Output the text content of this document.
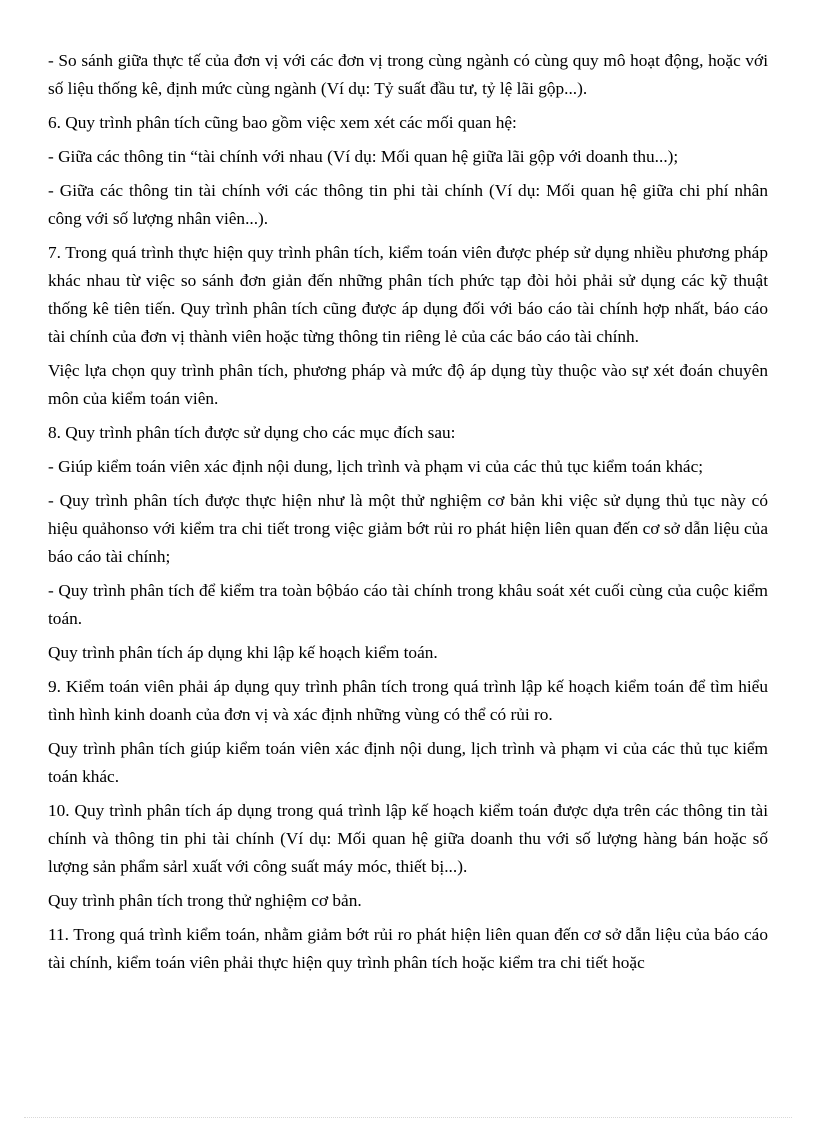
- So sánh giữa thực tế của đơn vị với các đơn vị trong cùng ngành có cùng quy mô hoạt động, hoặc với số liệu thống kê, định mức cùng ngành (Ví dụ: Tỷ suất đầu tư, tỷ lệ lãi gộp...).

6. Quy trình phân tích cũng bao gồm việc xem xét các mối quan hệ:

- Giữa các thông tin “tài chính với nhau (Ví dụ: Mối quan hệ giữa lãi gộp với doanh thu...);

- Giữa các thông tin tài chính với các thông tin phi tài chính (Ví dụ: Mối quan hệ giữa chi phí nhân công với số lượng nhân viên...).

7. Trong quá trình thực hiện quy trình phân tích, kiểm toán viên được phép sử dụng nhiều phương pháp khác nhau từ việc so sánh đơn giản đến những phân tích phức tạp đòi hỏi phải sử dụng các kỹ thuật thống kê tiên tiến. Quy trình phân tích cũng được áp dụng đối với báo cáo tài chính hợp nhất, báo cáo tài chính của đơn vị thành viên hoặc từng thông tin riêng lẻ của các báo cáo tài chính.

Việc lựa chọn quy trình phân tích, phương pháp và mức độ áp dụng tùy thuộc vào sự xét đoán chuyên môn của kiểm toán viên.

8. Quy trình phân tích được sử dụng cho các mục đích sau:

- Giúp kiểm toán viên xác định nội dung, lịch trình và phạm vi của các thủ tục kiểm toán khác;

- Quy trình phân tích được thực hiện như là một thử nghiệm cơ bản khi việc sử dụng thủ tục này có hiệu quảhonso với kiểm tra chi tiết trong việc giảm bớt rủi ro phát hiện liên quan đến cơ sở dẫn liệu của báo cáo tài chính;

- Quy trình phân tích để kiểm tra toàn bộbáo cáo tài chính trong khâu soát xét cuối cùng của cuộc kiểm toán.

Quy trình phân tích áp dụng khi lập kế hoạch kiểm toán.

9. Kiểm toán viên phải áp dụng quy trình phân tích trong quá trình lập kế hoạch kiểm toán để tìm hiểu tình hình kinh doanh của đơn vị và xác định những vùng có thể có rủi ro.

Quy trình phân tích giúp kiểm toán viên xác định nội dung, lịch trình và phạm vi của các thủ tục kiểm toán khác.

10. Quy trình phân tích áp dụng trong quá trình lập kế hoạch kiểm toán được dựa trên các thông tin tài chính và thông tin phi tài chính (Ví dụ: Mối quan hệ giữa doanh thu với số lượng hàng bán hoặc số lượng sản phẩm sảrl xuất với công suất máy móc, thiết bị...).

Quy trình phân tích trong thử nghiệm cơ bản.

11. Trong quá trình kiểm toán, nhằm giảm bớt rủi ro phát hiện liên quan đến cơ sở dẫn liệu của báo cáo tài chính, kiểm toán viên phải thực hiện quy trình phân tích hoặc kiểm tra chi tiết hoặc
